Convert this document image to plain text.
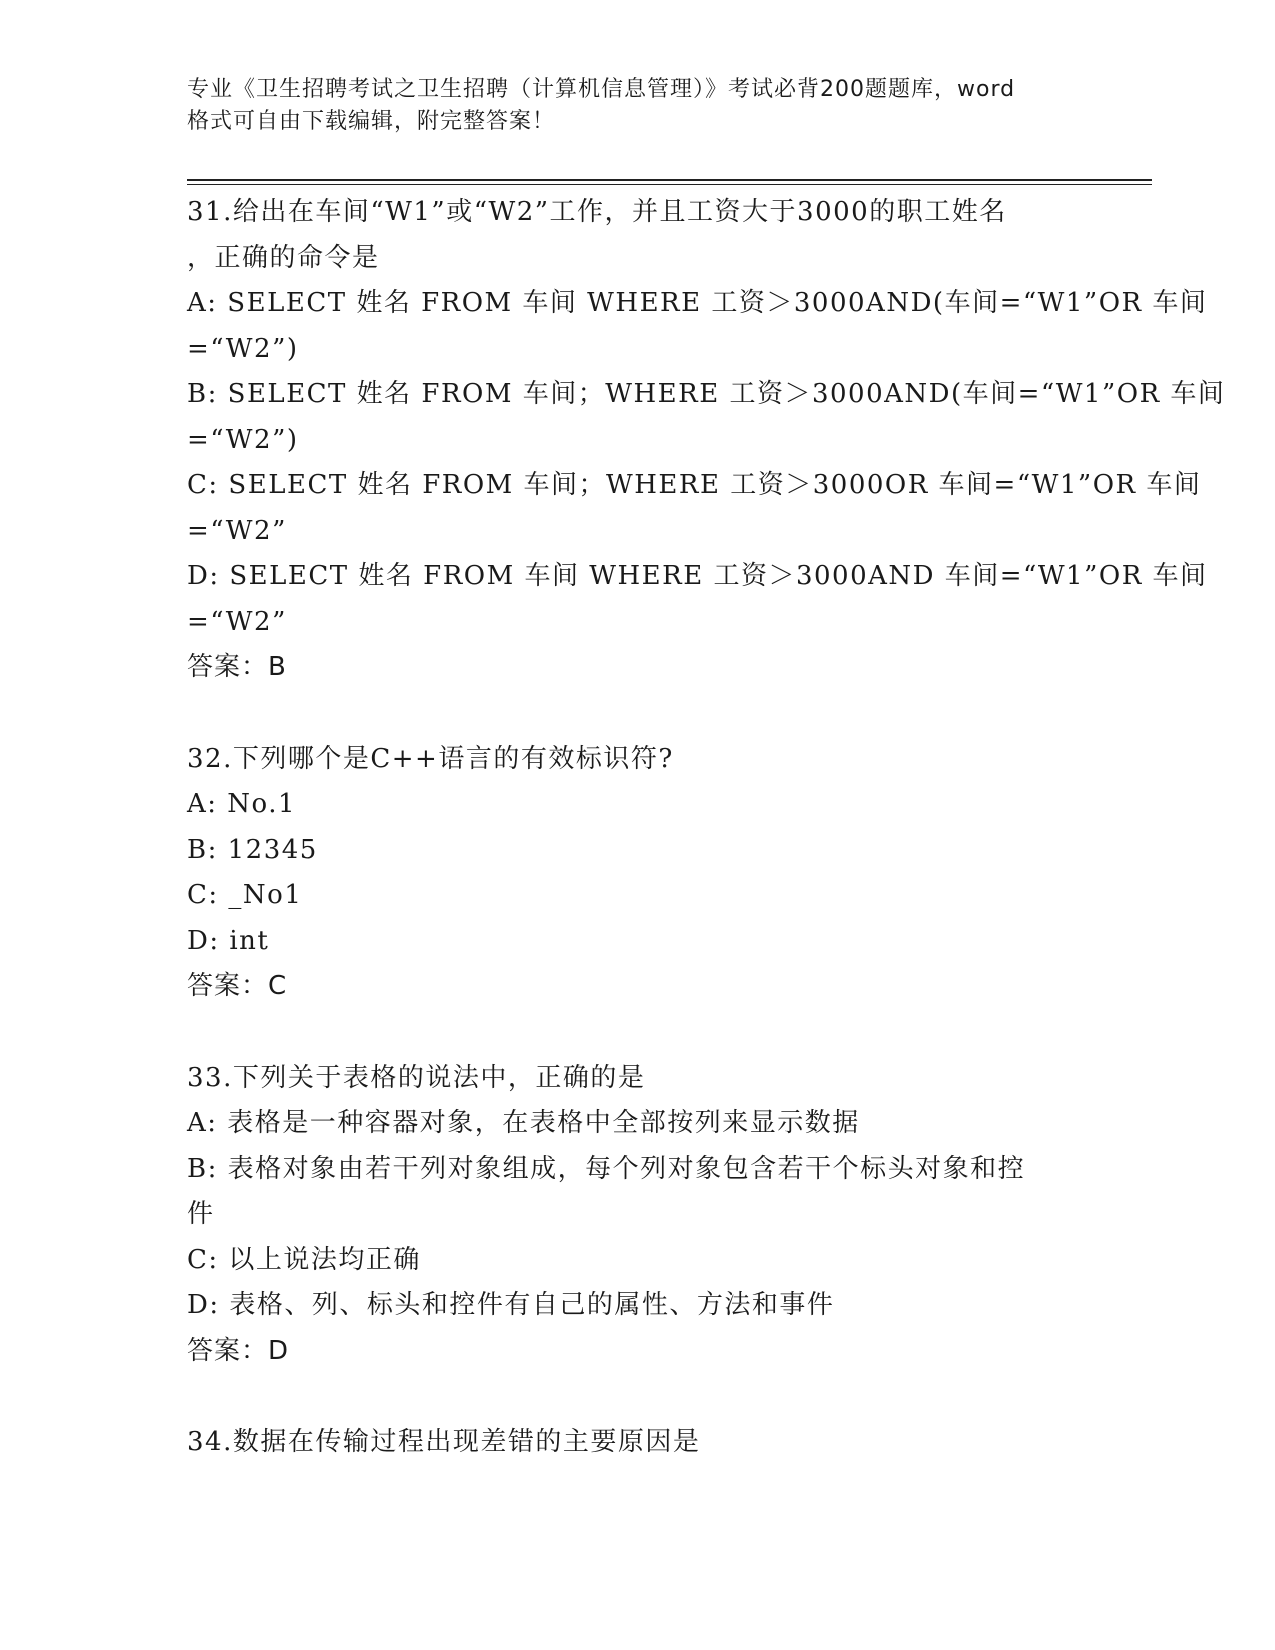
专业《卫生招聘考试之卫生招聘（计算机信息管理）》考试必背200题题库，word
格式可自由下载编辑，附完整答案！
31.给出在车间“W1”或“W2”工作，并且工资大于3000的职工姓名
，正确的命令是
A: SELECT 姓名 FROM 车间 WHERE 工资＞3000AND(车间=“W1”OR 车间
=“W2”)
B: SELECT 姓名 FROM 车间；WHERE 工资＞3000AND(车间=“W1”OR 车间
=“W2”)
C: SELECT 姓名 FROM 车间；WHERE 工资＞3000OR 车间=“W1”OR 车间
=“W2”
D: SELECT 姓名 FROM 车间 WHERE 工资＞3000AND 车间=“W1”OR 车间
=“W2”
答案：B
32.下列哪个是C++语言的有效标识符?
A: No.1
B: 12345
C: _No1
D: int
答案：C
33.下列关于表格的说法中，正确的是
A: 表格是一种容器对象，在表格中全部按列来显示数据
B: 表格对象由若干列对象组成，每个列对象包含若干个标头对象和控
件
C: 以上说法均正确
D: 表格、列、标头和控件有自己的属性、方法和事件
答案：D
34.数据在传输过程出现差错的主要原因是
